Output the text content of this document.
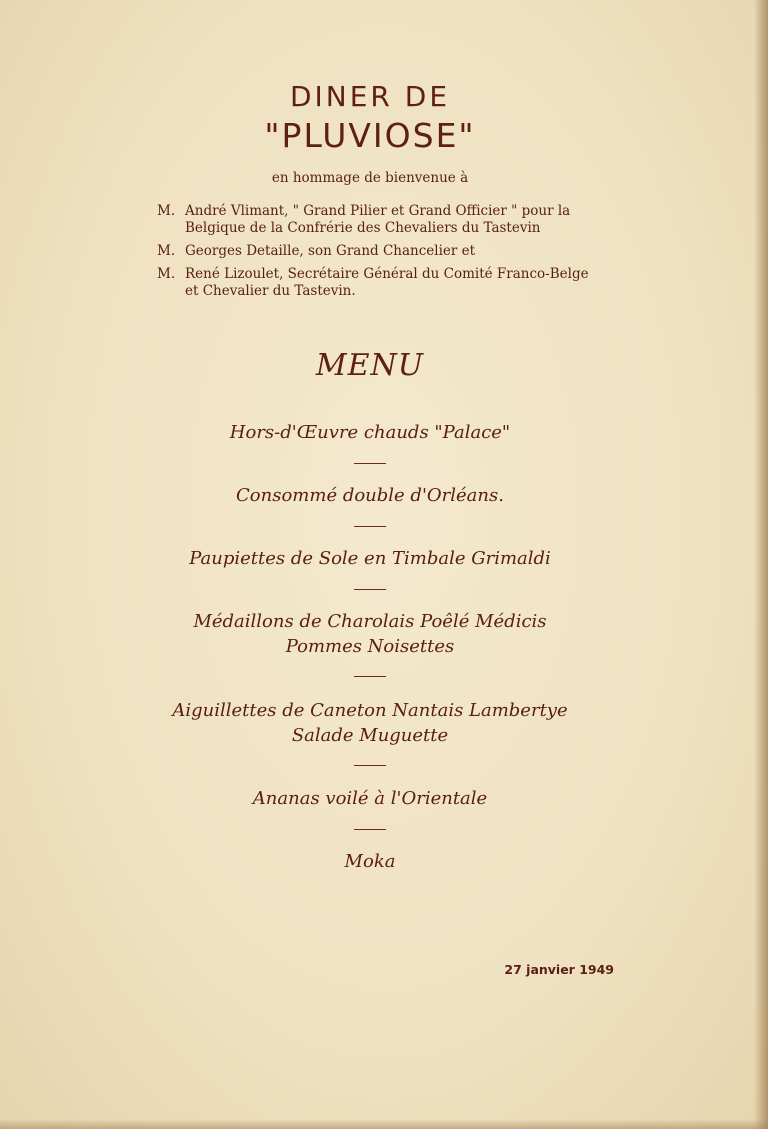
DINER DE
"PLUVIOSE"
en hommage de bienvenue à
M. André Vlimant, " Grand Pilier et Grand Officier " pour la Belgique de la Confrérie des Chevaliers du Tastevin
M. Georges Detaille, son Grand Chancelier et
M. René Lizoulet, Secrétaire Général du Comité Franco-Belge et Chevalier du Tastevin.
MENU
Hors-d'Œuvre chauds "Palace"
Consommé double d'Orléans.
Paupiettes de Sole en Timbale Grimaldi
Médaillons de Charolais Poêlé Médicis
Pommes Noisettes
Aiguillettes de Caneton Nantais Lambertye
Salade Muguette
Ananas voilé à l'Orientale
Moka
27 janvier 1949
